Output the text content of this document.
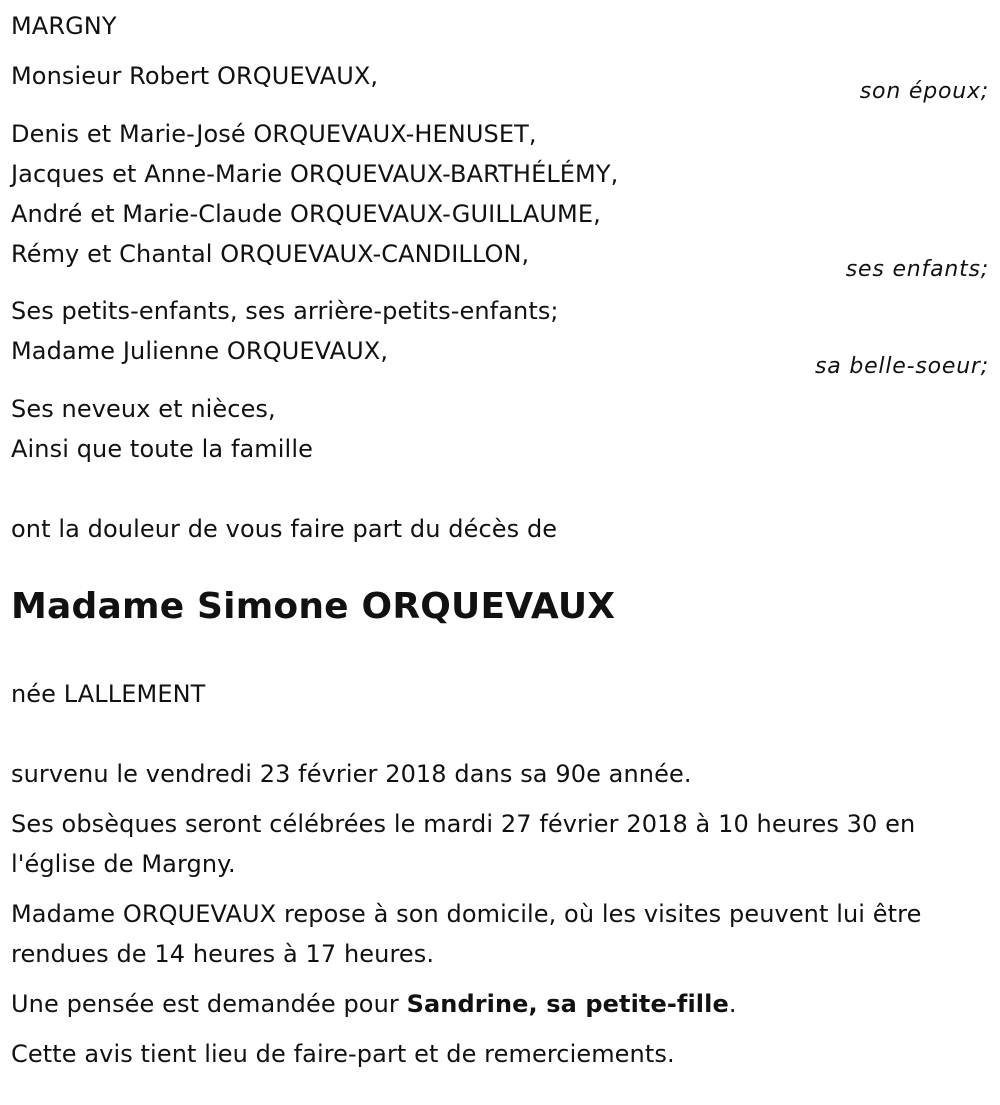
MARGNY
Monsieur Robert ORQUEVAUX,
son époux;
Denis et Marie-José ORQUEVAUX-HENUSET,
Jacques et Anne-Marie ORQUEVAUX-BARTHÉLÉMY,
André et Marie-Claude ORQUEVAUX-GUILLAUME,
Rémy et Chantal ORQUEVAUX-CANDILLON,
ses enfants;
Ses petits-enfants, ses arrière-petits-enfants;
Madame Julienne ORQUEVAUX,
sa belle-soeur;
Ses neveux et nièces,
Ainsi que toute la famille
ont la douleur de vous faire part du décès de
Madame Simone ORQUEVAUX
née LALLEMENT
survenu le vendredi 23 février 2018 dans sa 90e année.
Ses obsèques seront célébrées le mardi 27 février 2018 à 10 heures 30 en l'église de Margny.
Madame ORQUEVAUX repose à son domicile, où les visites peuvent lui être rendues de 14 heures à 17 heures.
Une pensée est demandée pour Sandrine, sa petite-fille.
Cette avis tient lieu de faire-part et de remerciements.
